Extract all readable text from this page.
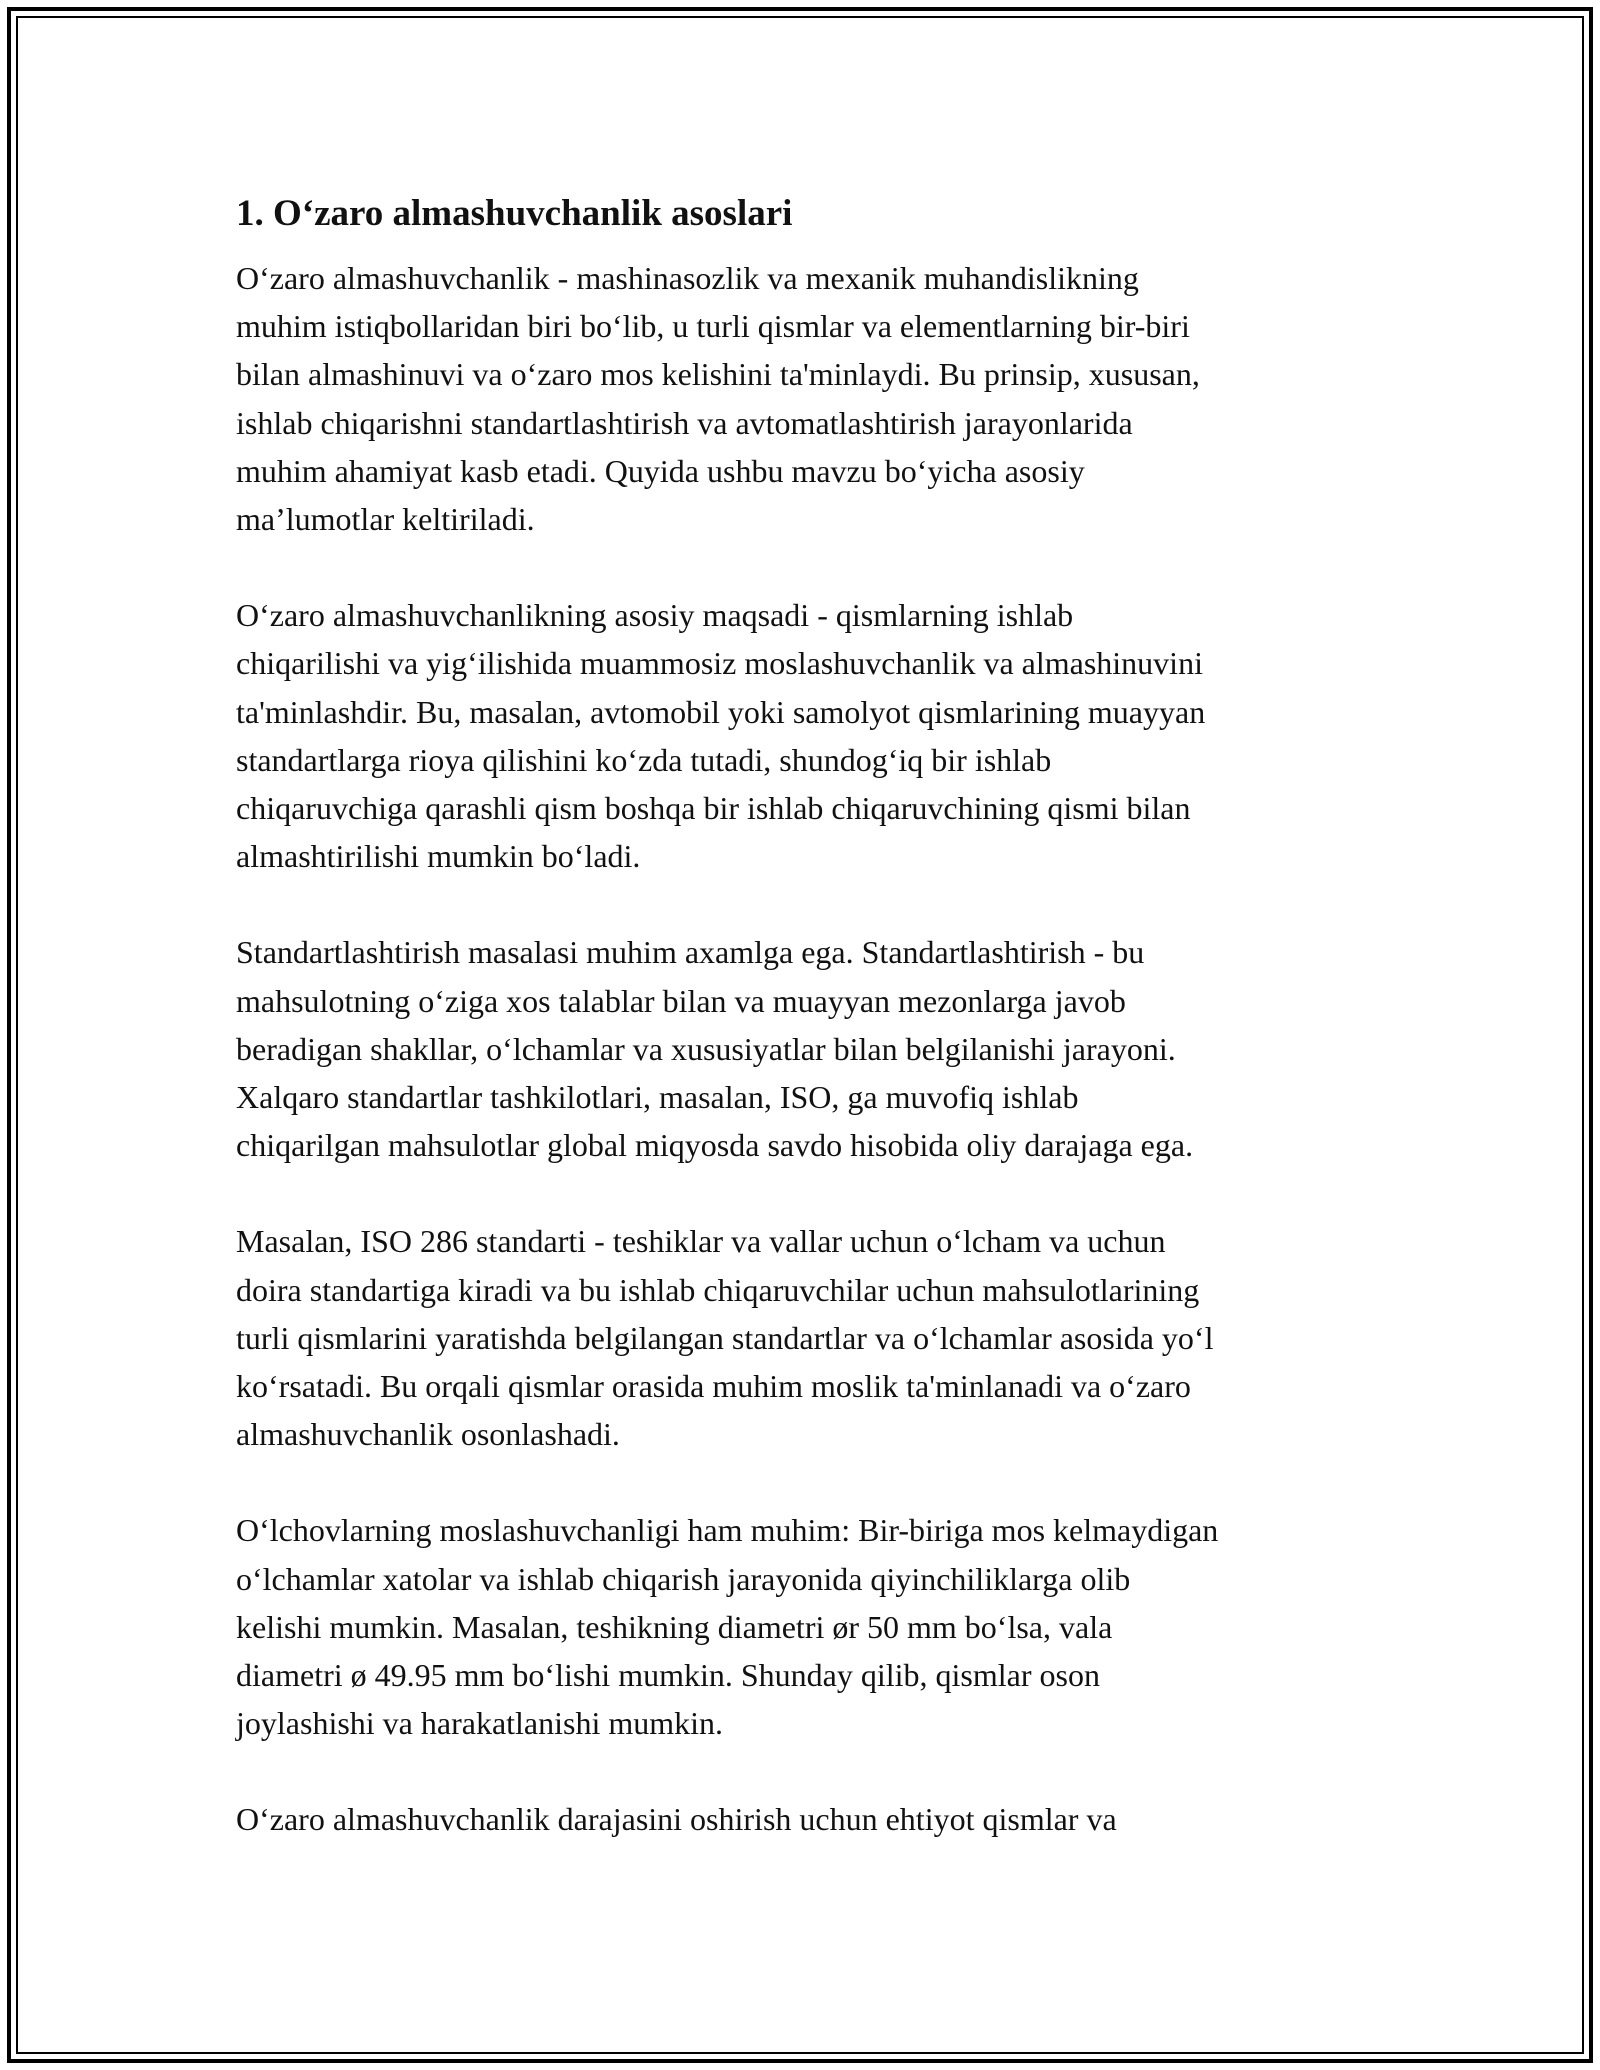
1. O‘zaro almashuvchanlik asoslari

O‘zaro almashuvchanlik - mashinasozlik va mexanik muhandislikning
muhim istiqbollaridan biri bo‘lib, u turli qismlar va elementlarning bir-biri
bilan almashinuvi va o‘zaro mos kelishini ta'minlaydi. Bu prinsip, xususan,
ishlab chiqarishni standartlashtirish va avtomatlashtirish jarayonlarida
muhim ahamiyat kasb etadi. Quyida ushbu mavzu bo‘yicha asosiy
ma’lumotlar keltiriladi.

O‘zaro almashuvchanlikning asosiy maqsadi - qismlarning ishlab
chiqarilishi va yig‘ilishida muammosiz moslashuvchanlik va almashinuvini
ta'minlashdir. Bu, masalan, avtomobil yoki samolyot qismlarining muayyan
standartlarga rioya qilishini ko‘zda tutadi, shundog‘iq bir ishlab
chiqaruvchiga qarashli qism boshqa bir ishlab chiqaruvchining qismi bilan
almashtirilishi mumkin bo‘ladi.

Standartlashtirish masalasi muhim axamlga ega. Standartlashtirish - bu
mahsulotning o‘ziga xos talablar bilan va muayyan mezonlarga javob
beradigan shakllar, o‘lchamlar va xususiyatlar bilan belgilanishi jarayoni.
Xalqaro standartlar tashkilotlari, masalan, ISO, ga muvofiq ishlab
chiqarilgan mahsulotlar global miqyosda savdo hisobida oliy darajaga ega.

Masalan, ISO 286 standarti - teshiklar va vallar uchun o‘lcham va uchun
doira standartiga kiradi va bu ishlab chiqaruvchilar uchun mahsulotlarining
turli qismlarini yaratishda belgilangan standartlar va o‘lchamlar asosida yo‘l
ko‘rsatadi. Bu orqali qismlar orasida muhim moslik ta'minlanadi va o‘zaro
almashuvchanlik osonlashadi.

O‘lchovlarning moslashuvchanligi ham muhim: Bir-biriga mos kelmaydigan
o‘lchamlar xatolar va ishlab chiqarish jarayonida qiyinchiliklarga olib
kelishi mumkin. Masalan, teshikning diametri ør 50 mm bo‘lsa, vala
diametri ø 49.95 mm bo‘lishi mumkin. Shunday qilib, qismlar oson
joylashishi va harakatlanishi mumkin.

O‘zaro almashuvchanlik darajasini oshirish uchun ehtiyot qismlar va
